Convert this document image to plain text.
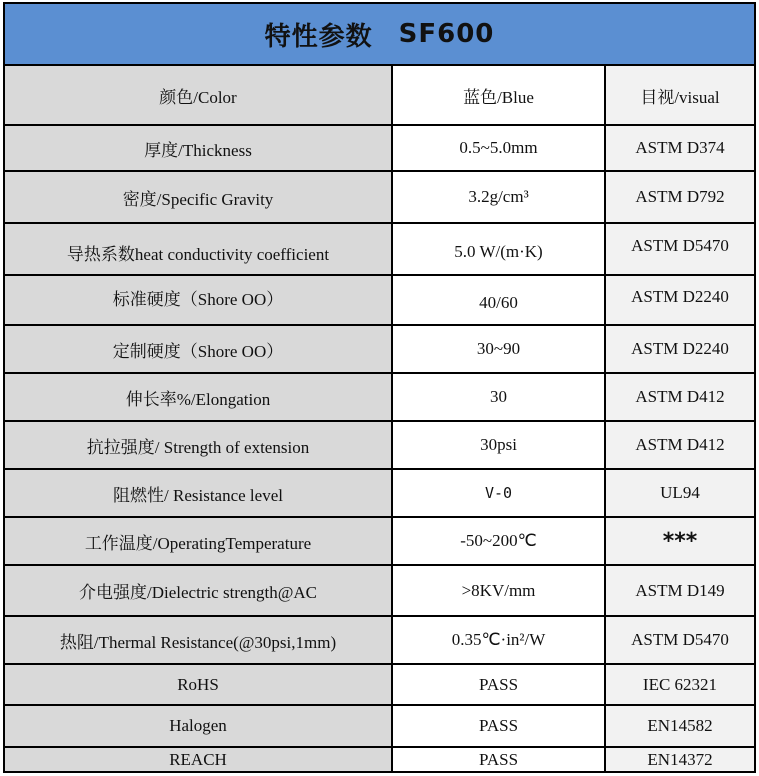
特性参数 SF600
颜色/Color	蓝色/Blue	目视/visual
厚度/Thickness	0.5~5.0mm	ASTM D374
密度/Specific Gravity	3.2g/cm³	ASTM D792
导热系数heat conductivity coefficient	5.0 W/(m·K)	ASTM D5470
标准硬度（Shore OO）	40/60	ASTM D2240
定制硬度（Shore OO）	30~90	ASTM D2240
伸长率%/Elongation	30	ASTM D412
抗拉强度/ Strength of extension	30psi	ASTM D412
阻燃性/ Resistance level	V-0	UL94
工作温度/OperatingTemperature	-50~200℃	***
介电强度/Dielectric strength@AC	>8KV/mm	ASTM D149
热阻/Thermal Resistance(@30psi,1mm)	0.35℃·in²/W	ASTM D5470
RoHS	PASS	IEC 62321
Halogen	PASS	EN14582
REACH	PASS	EN14372
